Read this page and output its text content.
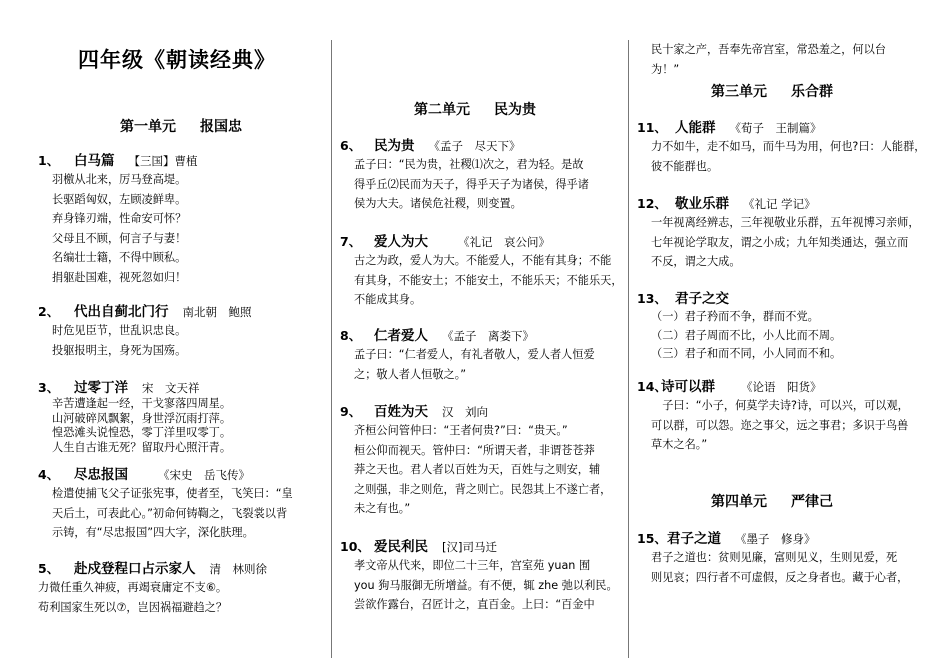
四年级《朝读经典》
第一单元 报国忠
1、 白马篇 【三国】曹植
羽檄从北来，厉马登高堤。
长驱蹈匈奴，左顾凌鲜卑。
弃身锋刃端，性命安可怀？
父母且不顾，何言子与妻！
名编壮士籍，不得中顾私。
捐躯赴国难，视死忽如归！
2、 代出自蓟北门行 南北朝　鲍照
时危见臣节，世乱识忠良。
投躯报明主，身死为国殇。
3、 过零丁洋 宋　文天祥
辛苦遭逢起一经，干戈寥落四周星。
山河破碎风飘絮，身世浮沉雨打萍。
惶恐滩头说惶恐，零丁洋里叹零丁。
人生自古谁无死？留取丹心照汗青。
4、 尽忠报国	《宋史　岳飞传》
检遣使捕飞父子证张宪事，使者至，飞笑曰：“皇
天后土，可表此心。”初命何铸鞫之，飞裂裳以背
示铸，有“尽忠报国”四大字，深化肤理。
5、 赴戍登程口占示家人 清　林则徐
力微任重久神疲，再竭衰庸定不支⑥。
苟利国家生死以⑦，岂因祸福避趋之？
第二单元 民为贵
6、 民为贵 《孟子　尽天下》
孟子曰：“民为贵，社稷⑴次之，君为轻。是故
得乎丘⑵民而为天子，得乎天子为诸侯，得乎诸
侯为大夫。诸侯危社稷，则变置。
7、 爱人为大	《礼记　哀公问》
古之为政，爱人为大。不能爱人，不能有其身；不能
有其身，不能安土；不能安土，不能乐天；不能乐天，
不能成其身。
8、 仁者爱人 《孟子　离娄下》
孟子曰：“仁者爱人，有礼者敬人，爱人者人恒爱
之；敬人者人恒敬之。”
9、 百姓为天 汉　刘向
齐桓公问管仲曰：“王者何贵?”曰：“贵天。”
桓公仰而视天。管仲曰：“所谓天者，非谓苍苍莽
莽之天也。君人者以百姓为天，百姓与之则安，辅
之则强，非之则危，背之则亡。民怨其上不遂亡者，
未之有也。”
10、 爱民利民 [汉]司马迁
孝文帝从代来，即位二十三年，宫室苑 yuan 囿
you 狗马服御无所增益。有不便，辄 zhe 弛以利民。
尝欲作露台，召匠计之，直百金。上曰：“百金中
民十家之产，吾奉先帝宫室，常恐羞之，何以台
为！”
第三单元 乐合群
11、 人能群 《荀子　王制篇》
力不如牛，走不如马，而牛马为用，何也?曰：人能群，
彼不能群也。
12、 敬业乐群 《礼记 学记》
一年视离经辨志，三年视敬业乐群，五年视博习亲师，
七年视论学取友，谓之小成；九年知类通达，强立而
不反，谓之大成。
13、 君子之交
（一）君子矜而不争，群而不党。
（二）君子周而不比，小人比而不周。
（三）君子和而不同，小人同而不和。
14、诗可以群 《论语　阳货》
　子曰：“小子，何莫学夫诗?诗，可以兴，可以观，
可以群，可以怨。迩之事父，远之事君；多识于鸟兽
草木之名。”
第四单元 严律己
15、君子之道 《墨子　修身》
君子之道也：贫则见廉，富则见义，生则见爱，死
则见哀；四行者不可虚假，反之身者也。藏于心者，
